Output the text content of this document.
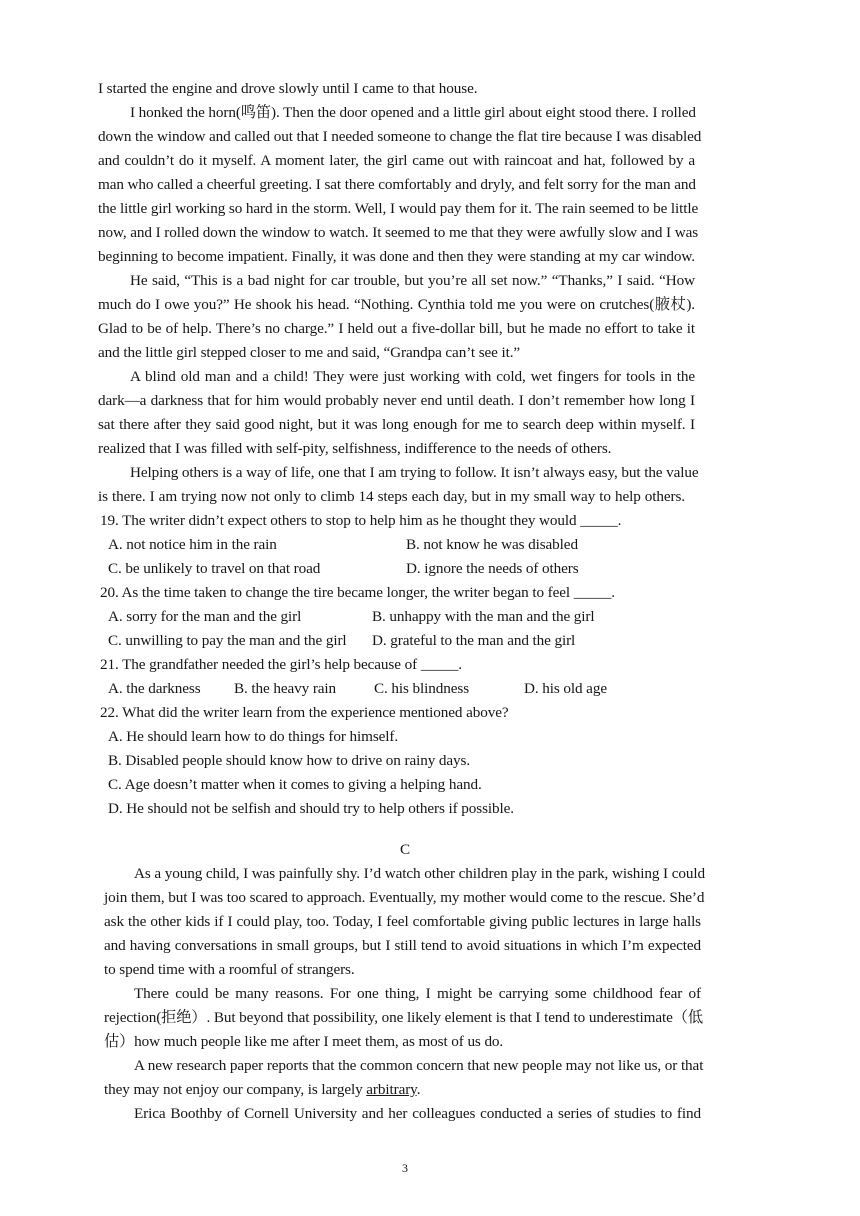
I started the engine and drove slowly until I came to that house.
I honked the horn(鸣笛). Then the door opened and a little girl about eight stood there. I rolled
down the window and called out that I needed someone to change the flat tire because I was disabled
and couldn’t do it myself. A moment later, the girl came out with raincoat and hat, followed by a
man who called a cheerful greeting. I sat there comfortably and dryly, and felt sorry for the man and
the little girl working so hard in the storm. Well, I would pay them for it. The rain seemed to be little
now, and I rolled down the window to watch. It seemed to me that they were awfully slow and I was
beginning to become impatient. Finally, it was done and then they were standing at my car window.
He said, “This is a bad night for car trouble, but you’re all set now.” “Thanks,” I said. “How
much do I owe you?” He shook his head. “Nothing. Cynthia told me you were on crutches(腋杖).
Glad to be of help. There’s no charge.” I held out a five-dollar bill, but he made no effort to take it
and the little girl stepped closer to me and said, “Grandpa can’t see it.”
A blind old man and a child! They were just working with cold, wet fingers for tools in the
dark—a darkness that for him would probably never end until death. I don’t remember how long I
sat there after they said good night, but it was long enough for me to search deep within myself. I
realized that I was filled with self-pity, selfishness, indifference to the needs of others.
Helping others is a way of life, one that I am trying to follow. It isn’t always easy, but the value
is there. I am trying now not only to climb 14 steps each day, but in my small way to help others.
19. The writer didn’t expect others to stop to help him as he thought they would _____.
A. not notice him in the rain	B. not know he was disabled
C. be unlikely to travel on that road	D. ignore the needs of others
20. As the time taken to change the tire became longer, the writer began to feel _____.
A. sorry for the man and the girl	B. unhappy with the man and the girl
C. unwilling to pay the man and the girl D. grateful to the man and the girl
21. The grandfather needed the girl’s help because of _____.
A. the darkness B. the heavy rain C. his blindness	D. his old age
22. What did the writer learn from the experience mentioned above?
A. He should learn how to do things for himself.
B. Disabled people should know how to drive on rainy days.
C. Age doesn’t matter when it comes to giving a helping hand.
D. He should not be selfish and should try to help others if possible.
C
As a young child, I was painfully shy. I’d watch other children play in the park, wishing I could
join them, but I was too scared to approach. Eventually, my mother would come to the rescue. She’d
ask the other kids if I could play, too. Today, I feel comfortable giving public lectures in large halls
and having conversations in small groups, but I still tend to avoid situations in which I’m expected
to spend time with a roomful of strangers.
There could be many reasons. For one thing, I might be carrying some childhood fear of
rejection(拒绝）. But beyond that possibility, one likely element is that I tend to underestimate（低
估）how much people like me after I meet them, as most of us do.
A new research paper reports that the common concern that new people may not like us, or that
they may not enjoy our company, is largely arbitrary.
Erica Boothby of Cornell University and her colleagues conducted a series of studies to find
3
